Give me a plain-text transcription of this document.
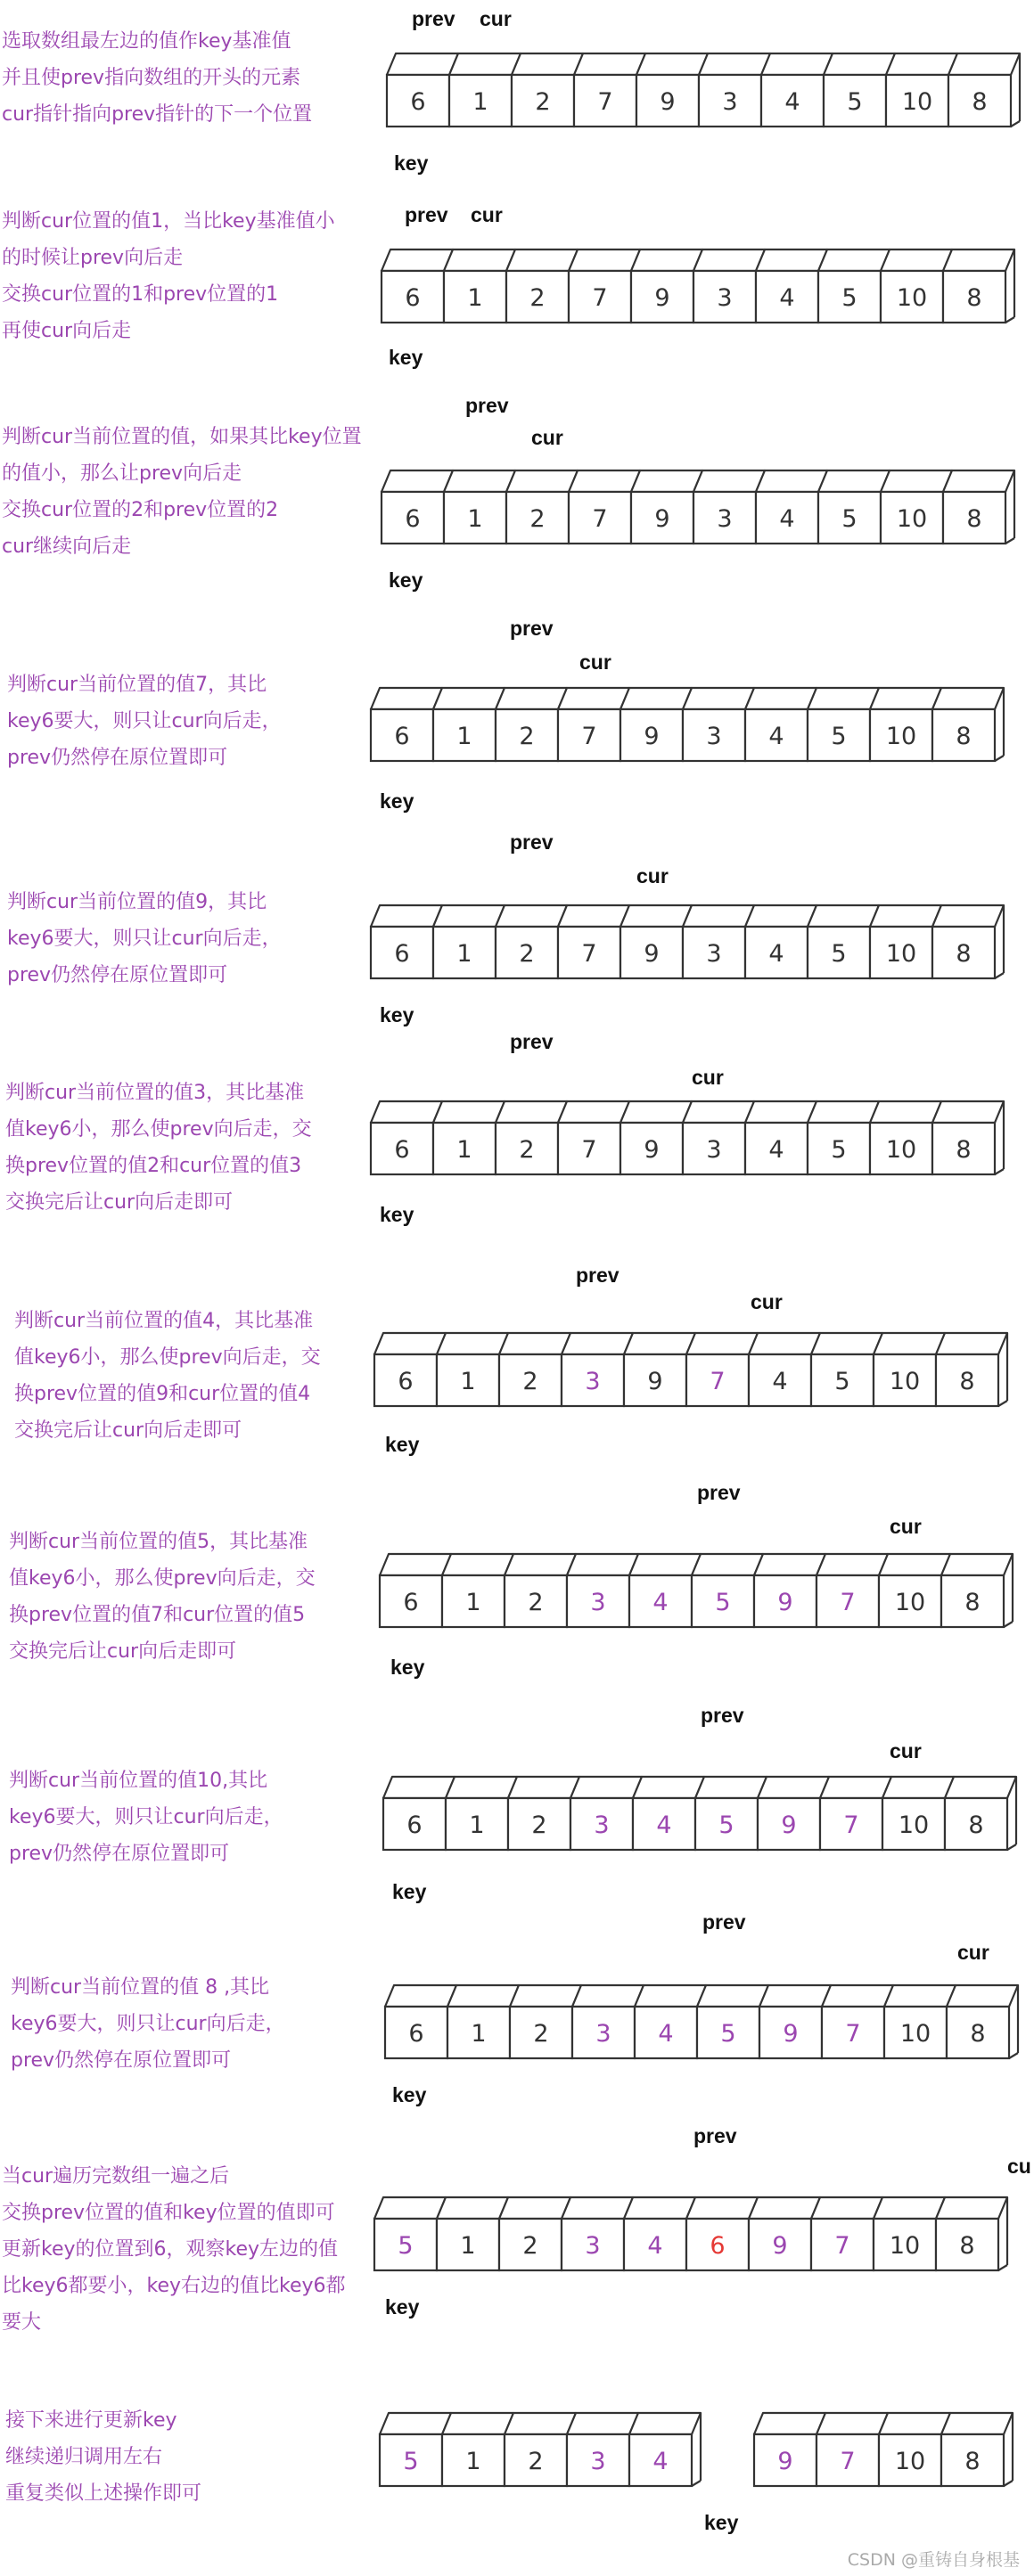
选取数组最左边的值作key基准值
并且使prev指向数组的开头的元素
cur指针指向prev指针的下一个位置
prev cur
key
6 1 2 7 9 3 4 5 10 8
判断cur位置的值1，当比key基准值小
的时候让prev向后走
交换cur位置的1和prev位置的1
再使cur向后走
prev cur
key
6 1 2 7 9 3 4 5 10 8
判断cur当前位置的值，如果其比key位置
的值小，那么让prev向后走
交换cur位置的2和prev位置的2
cur继续向后走
prev
cur
key
6 1 2 7 9 3 4 5 10 8
判断cur当前位置的值7，其比
key6要大，则只让cur向后走，
prev仍然停在原位置即可
prev
cur
key
6 1 2 7 9 3 4 5 10 8
判断cur当前位置的值9，其比
key6要大，则只让cur向后走，
prev仍然停在原位置即可
prev
cur
key
6 1 2 7 9 3 4 5 10 8
判断cur当前位置的值3，其比基准
值key6小，那么使prev向后走，交
换prev位置的值2和cur位置的值3
交换完后让cur向后走即可
prev
cur
key
6 1 2 7 9 3 4 5 10 8
判断cur当前位置的值4，其比基准
值key6小，那么使prev向后走，交
换prev位置的值9和cur位置的值4
交换完后让cur向后走即可
prev
cur
key
6 1 2 3 9 7 4 5 10 8
判断cur当前位置的值5，其比基准
值key6小，那么使prev向后走，交
换prev位置的值7和cur位置的值5
交换完后让cur向后走即可
prev
cur
key
6 1 2 3 4 5 9 7 10 8
判断cur当前位置的值10,其比
key6要大，则只让cur向后走，
prev仍然停在原位置即可
prev
cur
key
6 1 2 3 4 5 9 7 10 8
判断cur当前位置的值 8 ,其比
key6要大，则只让cur向后走，
prev仍然停在原位置即可
prev
cur
key
6 1 2 3 4 5 9 7 10 8
当cur遍历完数组一遍之后
交换prev位置的值和key位置的值即可
更新key的位置到6，观察key左边的值
比key6都要小，key右边的值比key6都
要大
prev
cu
key
5 1 2 3 4 6 9 7 10 8
接下来进行更新key
继续递归调用左右
重复类似上述操作即可
key
5 1 2 3 4	9 7 10 8
CSDN @重铸自身根基
